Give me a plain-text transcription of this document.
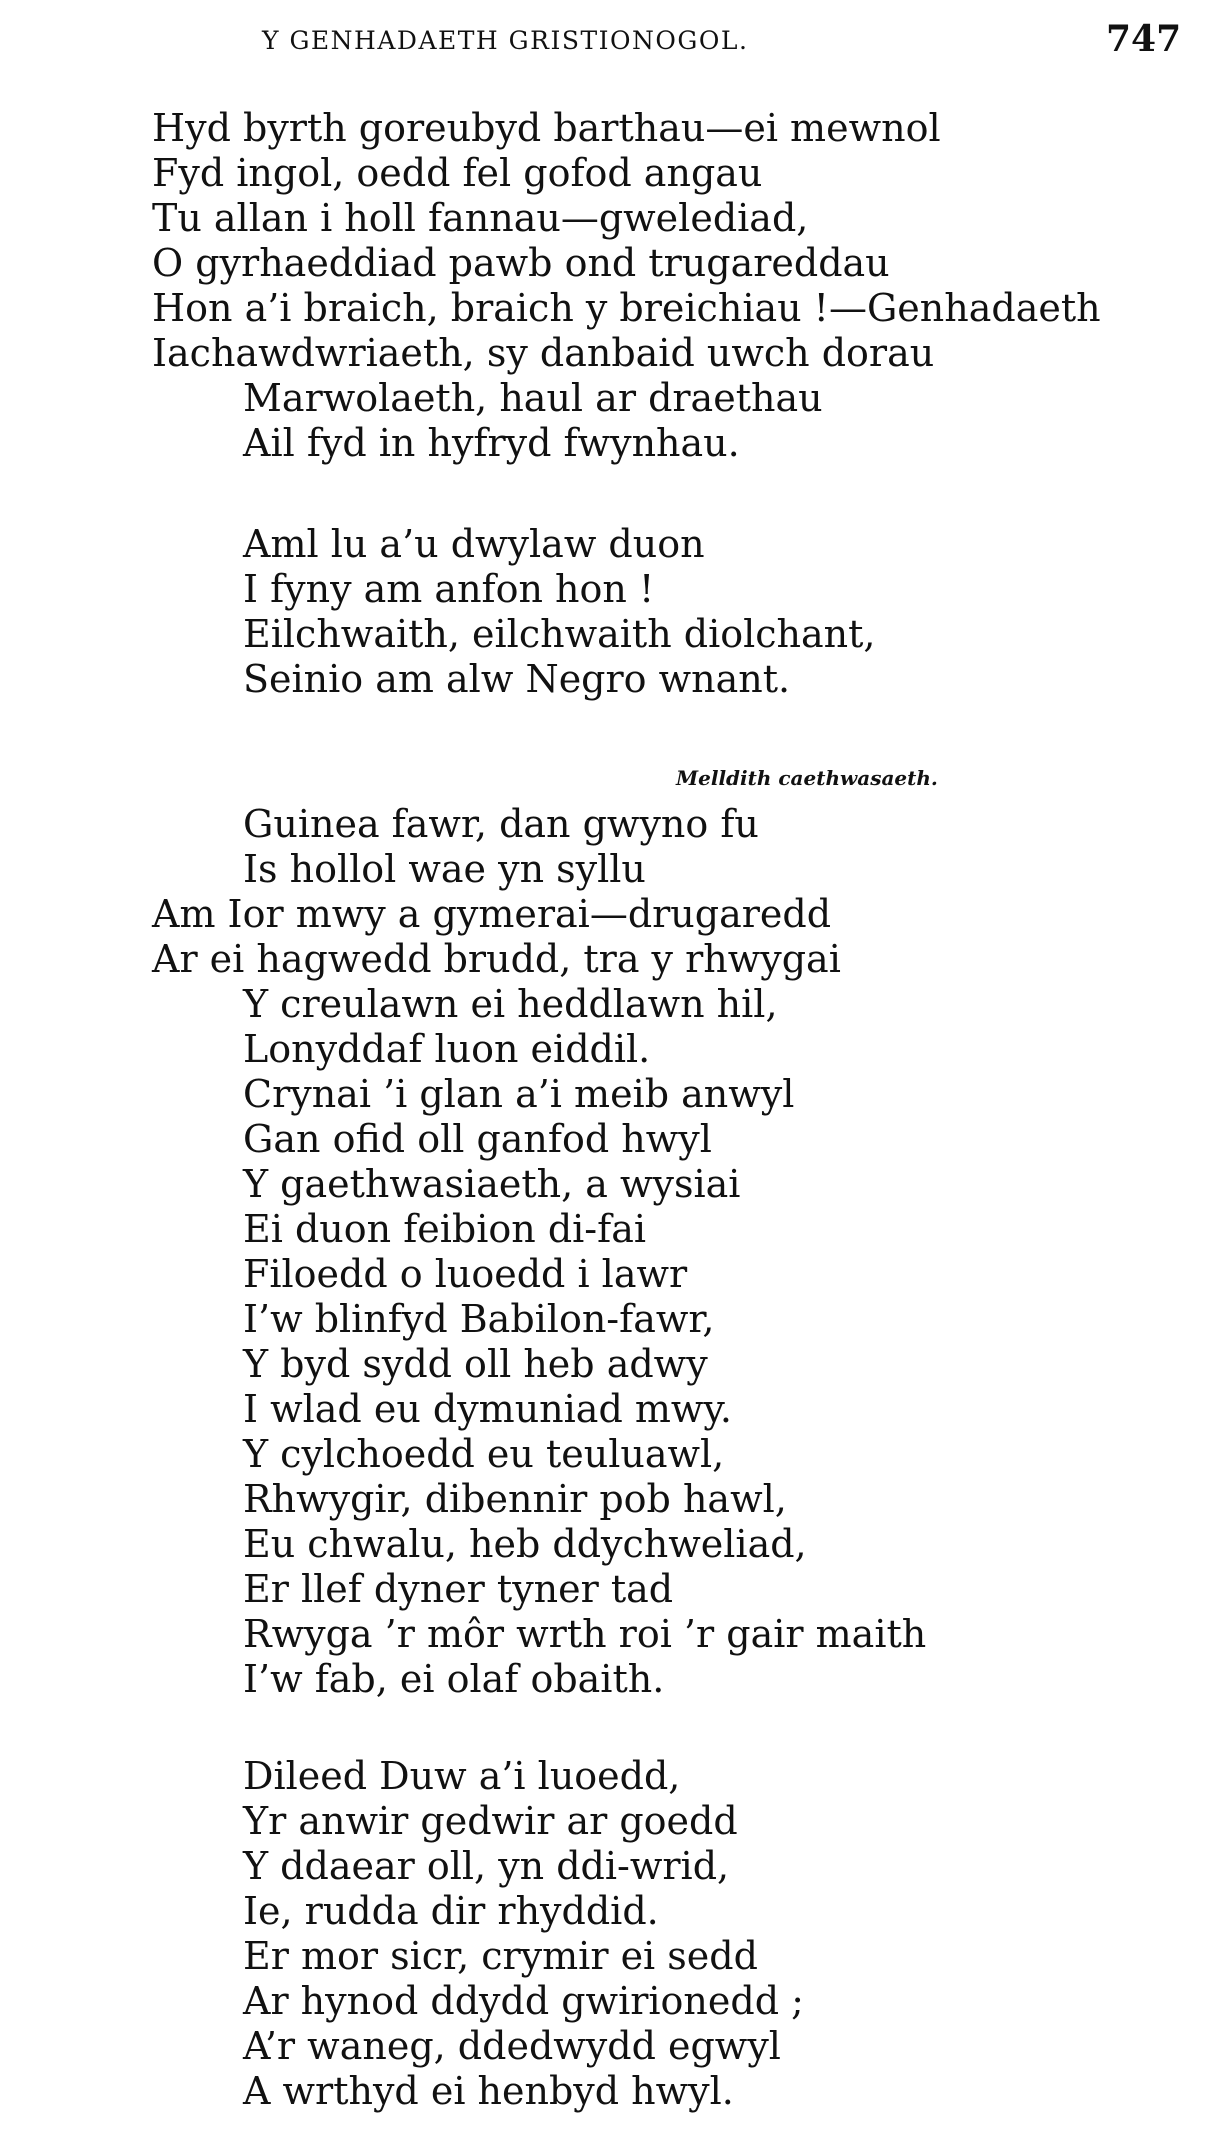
Y GENHADAETH GRISTIONOGOL.	747
Melldith caethwasaeth.
Hyd byrth goreubyd barthau—ei mewnol
Fyd ingol, oedd fel gofod angau
Tu allan i holl fannau—gwelediad,
O gyrhaeddiad pawb ond trugareddau
Hon a’i braich, braich y breichiau !—Genhadaeth
Iachawdwriaeth, sy danbaid uwch dorau
Marwolaeth, haul ar draethau
Ail fyd in hyfryd fwynhau.
Aml lu a’u dwylaw duon
I fyny am anfon hon !
Eilchwaith, eilchwaith diolchant,
Seinio am alw Negro wnant.
Guinea fawr, dan gwyno fu
Is hollol wae yn syllu
Am Ior mwy a gymerai—drugaredd
Ar ei hagwedd brudd, tra y rhwygai
Y creulawn ei heddlawn hil,
Lonyddaf luon eiddil.
Crynai ’i glan a’i meib anwyl
Gan ofid oll ganfod hwyl
Y gaethwasiaeth, a wysiai
Ei duon feibion di-fai
Filoedd o luoedd i lawr
I’w blinfyd Babilon-fawr,
Y byd sydd oll heb adwy
I wlad eu dymuniad mwy.
Y cylchoedd eu teuluawl,
Rhwygir, dibennir pob hawl,
Eu chwalu, heb ddychweliad,
Er llef dyner tyner tad
Rwyga ’r môr wrth roi ’r gair maith
I’w fab, ei olaf obaith.
Dileed Duw a’i luoedd,
Yr anwir gedwir ar goedd
Y ddaear oll, yn ddi-wrid,
Ie, rudda dir rhyddid.
Er mor sicr, crymir ei sedd
Ar hynod ddydd gwirionedd ;
A’r waneg, ddedwydd egwyl
A wrthyd ei henbyd hwyl.
